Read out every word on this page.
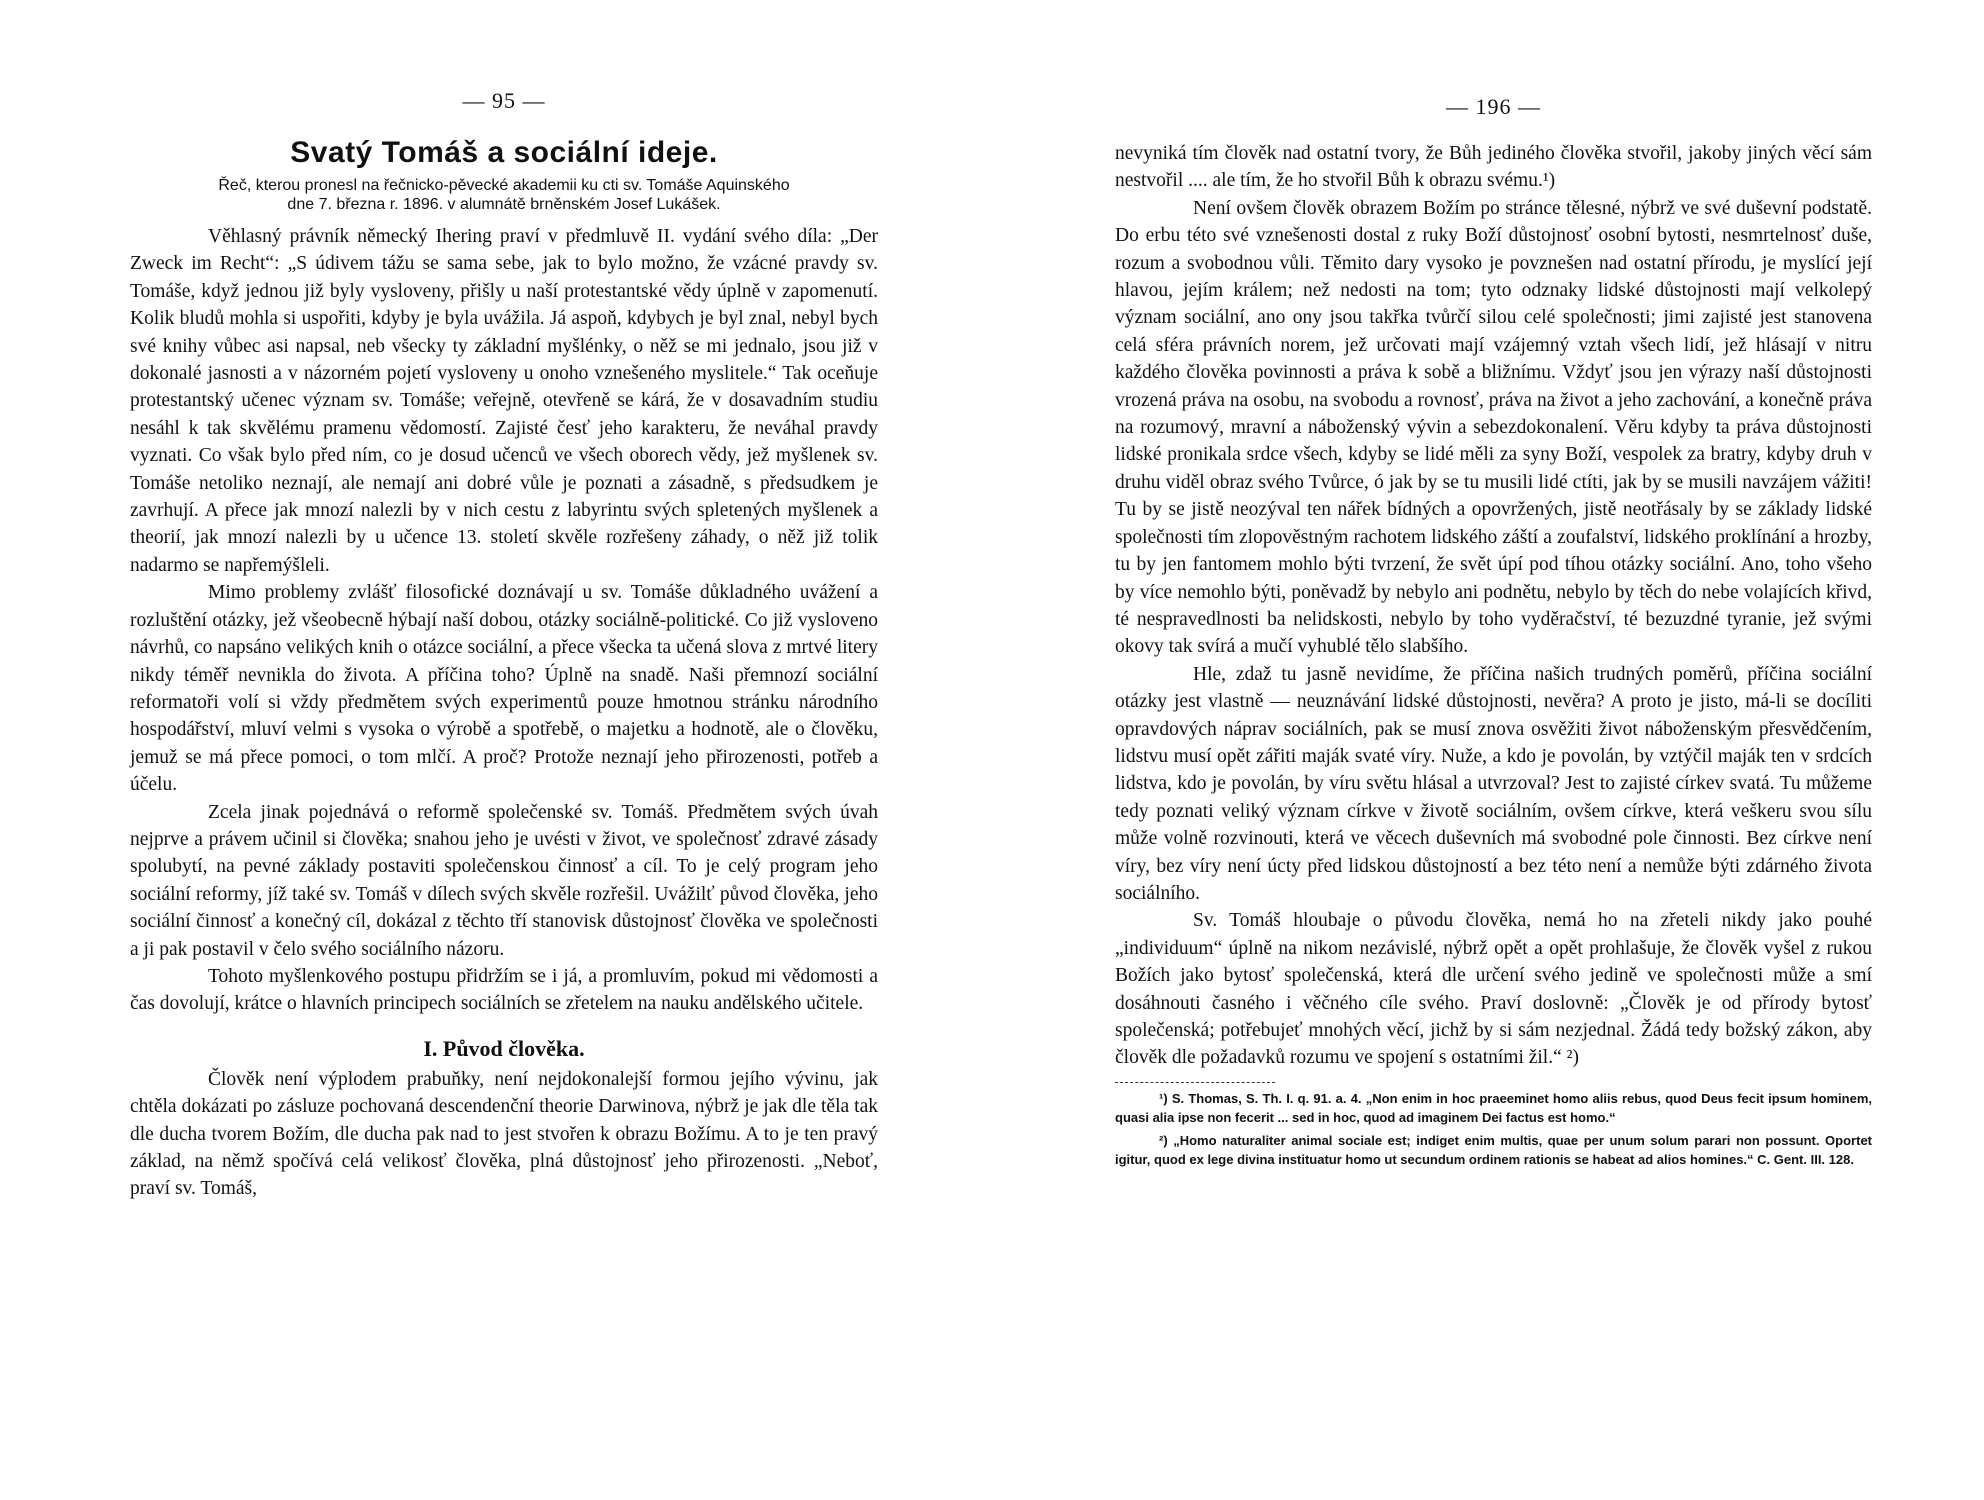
— 95 —
Svatý Tomáš a sociální ideje.
Řeč, kterou pronesl na řečnicko-pěvecké akademii ku cti sv. Tomáše Aquinského
dne 7. března r. 1896. v alumnátě brněnském Josef Lukášek.

Věhlasný právník německý Ihering praví v předmluvě II. vydání svého díla: „Der Zweck im Recht“: „S údivem tážu se sama sebe, jak to bylo možno, že vzácné pravdy sv. Tomáše, když jednou již byly vysloveny, přišly u naší protestantské vědy úplně v zapomenutí. Kolik bludů mohla si uspořiti, kdyby je byla uvážila. Já aspoň, kdybych je byl znal, nebyl bych své knihy vůbec asi napsal, neb všecky ty základní myšlénky, o něž se mi jednalo, jsou již v dokonalé jasnosti a v názorném pojetí vysloveny u onoho vznešeného myslitele.“ Tak oceňuje protestantský učenec význam sv. Tomáše; veřejně, otevřeně se kárá, že v dosavadním studiu nesáhl k tak skvělému pramenu vědomostí. Zajisté česť jeho karakteru, že neváhal pravdy vyznati. Co však bylo před ním, co je dosud učenců ve všech oborech vědy, jež myšlenek sv. Tomáše netoliko neznají, ale nemají ani dobré vůle je poznati a zásadně, s předsudkem je zavrhují. A přece jak mnozí nalezli by v nich cestu z labyrintu svých spletených myšlenek a theorií, jak mnozí nalezli by u učence 13. století skvěle rozřešeny záhady, o něž již tolik nadarmo se napřemýšleli.

Mimo problemy zvlášť filosofické doznávají u sv. Tomáše důkladného uvážení a rozluštění otázky, jež všeobecně hýbají naší dobou, otázky sociálně-politické. Co již vysloveno návrhů, co napsáno velikých knih o otázce sociální, a přece všecka ta učená slova z mrtvé litery nikdy téměř nevnikla do života. A příčina toho? Úplně na snadě. Naši přemnozí sociální reformatoři volí si vždy předmětem svých experimentů pouze hmotnou stránku národního hospodářství, mluví velmi s vysoka o výrobě a spotřebě, o majetku a hodnotě, ale o člověku, jemuž se má přece pomoci, o tom mlčí. A proč? Protože neznají jeho přirozenosti, potřeb a účelu.

Zcela jinak pojednává o reformě společenské sv. Tomáš. Předmětem svých úvah nejprve a právem učinil si člověka; snahou jeho je uvésti v život, ve společnosť zdravé zásady spolubytí, na pevné základy postaviti společenskou činnosť a cíl. To je celý program jeho sociální reformy, jíž také sv. Tomáš v dílech svých skvěle rozřešil. Uvážilť původ člověka, jeho sociální činnosť a konečný cíl, dokázal z těchto tří stanovisk důstojnosť člověka ve společnosti a ji pak postavil v čelo svého sociálního názoru.

Tohoto myšlenkového postupu přidržím se i já, a promluvím, pokud mi vědomosti a čas dovolují, krátce o hlavních principech sociálních se zřetelem na nauku andělského učitele.

I. Původ člověka.

Člověk není výplodem prabuňky, není nejdokonalejší formou jejího vývinu, jak chtěla dokázati po zásluze pochovaná descendenční theorie Darwinova, nýbrž je jak dle těla tak dle ducha tvorem Božím, dle ducha pak nad to jest stvořen k obrazu Božímu. A to je ten pravý základ, na němž spočívá celá velikosť člověka, plná důstojnosť jeho přirozenosti. „Neboť, praví sv. Tomáš,

— 196 —

nevyniká tím člověk nad ostatní tvory, že Bůh jediného člověka stvořil, jakoby jiných věcí sám nestvořil .... ale tím, že ho stvořil Bůh k obrazu svému.¹)

Není ovšem člověk obrazem Božím po stránce tělesné, nýbrž ve své duševní podstatě. Do erbu této své vznešenosti dostal z ruky Boží důstojnosť osobní bytosti, nesmrtelnosť duše, rozum a svobodnou vůli. Těmito dary vysoko je povznešen nad ostatní přírodu, je myslící její hlavou, jejím králem; než nedosti na tom; tyto odznaky lidské důstojnosti mají velkolepý význam sociální, ano ony jsou takřka tvůrčí silou celé společnosti; jimi zajisté jest stanovena celá sféra právních norem, jež určovati mají vzájemný vztah všech lidí, jež hlásají v nitru každého člověka povinnosti a práva k sobě a bližnímu. Vždyť jsou jen výrazy naší důstojnosti vrozená práva na osobu, na svobodu a rovnosť, práva na život a jeho zachování, a konečně práva na rozumový, mravní a náboženský vývin a sebezdokonalení. Věru kdyby ta práva důstojnosti lidské pronikala srdce všech, kdyby se lidé měli za syny Boží, vespolek za bratry, kdyby druh v druhu viděl obraz svého Tvůrce, ó jak by se tu musili lidé ctíti, jak by se musili navzájem vážiti! Tu by se jistě neozýval ten nářek bídných a opovržených, jistě neotřásaly by se základy lidské společnosti tím zlopověstným rachotem lidského záští a zoufalství, lidského proklínání a hrozby, tu by jen fantomem mohlo býti tvrzení, že svět úpí pod tíhou otázky sociální. Ano, toho všeho by více nemohlo býti, poněvadž by nebylo ani podnětu, nebylo by těch do nebe volajících křivd, té nespravedlnosti ba nelidskosti, nebylo by toho vyděračství, té bezuzdné tyranie, jež svými okovy tak svírá a mučí vyhublé tělo slabšího.

Hle, zdaž tu jasně nevidíme, že příčina našich trudných poměrů, příčina sociální otázky jest vlastně — neuznávání lidské důstojnosti, nevěra? A proto je jisto, má-li se docíliti opravdových náprav sociálních, pak se musí znova osvěžiti život náboženským přesvědčením, lidstvu musí opět zářiti maják svaté víry. Nuže, a kdo je povolán, by vztýčil maják ten v srdcích lidstva, kdo je povolán, by víru světu hlásal a utvrzoval? Jest to zajisté církev svatá. Tu můžeme tedy poznati veliký význam církve v životě sociálním, ovšem církve, která veškeru svou sílu může volně rozvinouti, která ve věcech duševních má svobodné pole činnosti. Bez církve není víry, bez víry není úcty před lidskou důstojností a bez této není a nemůže býti zdárného života sociálního.

Sv. Tomáš hloubaje o původu člověka, nemá ho na zřeteli nikdy jako pouhé „individuum“ úplně na nikom nezávislé, nýbrž opět a opět prohlašuje, že člověk vyšel z rukou Božích jako bytosť společenská, která dle určení svého jedině ve společnosti může a smí dosáhnouti časného i věčného cíle svého. Praví doslovně: „Člověk je od přírody bytosť společenská; potřebujeť mnohých věcí, jichž by si sám nezjednal. Žádá tedy božský zákon, aby člověk dle požadavků rozumu ve spojení s ostatními žil.“ ²)

¹) S. Thomas, S. Th. I. q. 91. a. 4. „Non enim in hoc praeeminet homo aliis rebus, quod Deus fecit ipsum hominem, quasi alia ipse non fecerit ... sed in hoc, quod ad imaginem Dei factus est homo.“

²) „Homo naturaliter animal sociale est; indiget enim multis, quae per unum solum parari non possunt. Oportet igitur, quod ex lege divina instituatur homo ut secundum ordinem rationis se habeat ad alios homines.“ C. Gent. III. 128.
